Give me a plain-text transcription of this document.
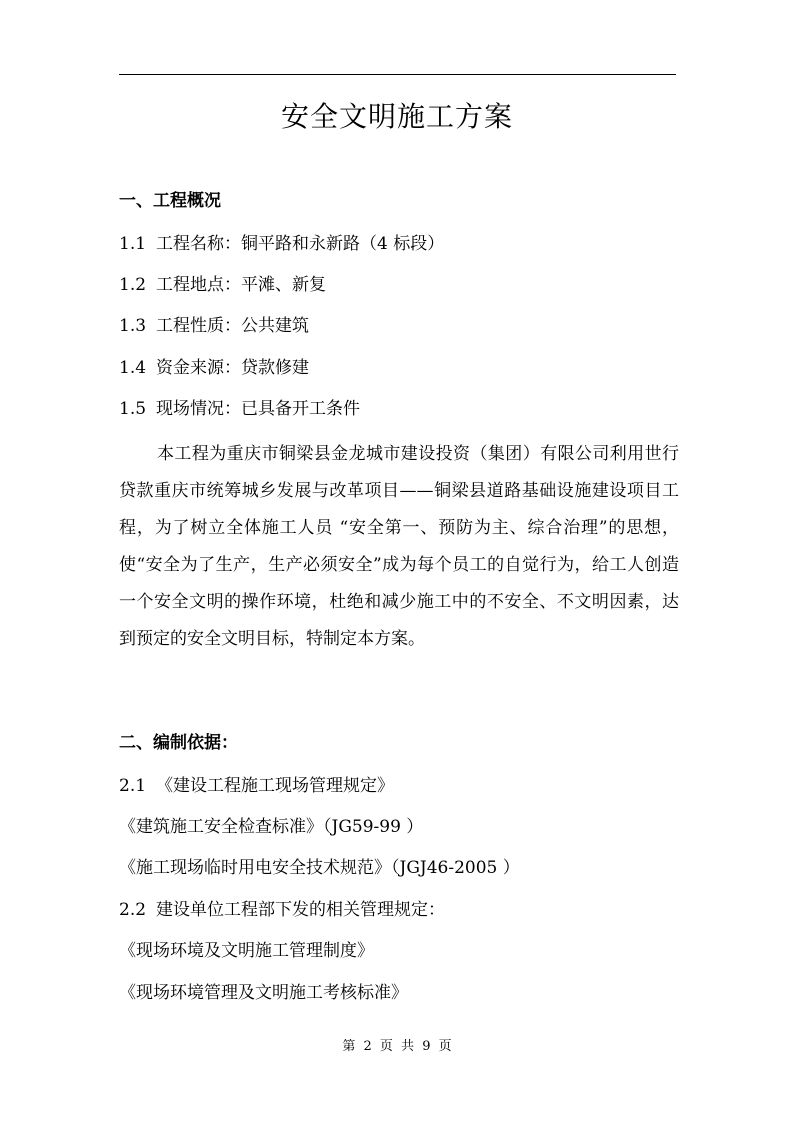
安全文明施工方案
一、工程概况
1.1 工程名称：铜平路和永新路（4 标段）
1.2 工程地点：平滩、新复
1.3 工程性质：公共建筑
1.4 资金来源：贷款修建
1.5 现场情况：已具备开工条件
本工程为重庆市铜梁县金龙城市建设投资（集团）有限公司利用世行贷款重庆市统筹城乡发展与改革项目——铜梁县道路基础设施建设项目工程，为了树立全体施工人员 “安全第一、预防为主、综合治理”的思想，使“安全为了生产，生产必须安全”成为每个员工的自觉行为，给工人创造一个安全文明的操作环境，杜绝和减少施工中的不安全、不文明因素，达到预定的安全文明目标，特制定本方案。
二、编制依据：
2.1 《建设工程施工现场管理规定》
《建筑施工安全检查标准》（JG59-99 ）
《施工现场临时用电安全技术规范》（JGJ46-2005 ）
2.2 建设单位工程部下发的相关管理规定：
《现场环境及文明施工管理制度》
《现场环境管理及文明施工考核标准》
第 2 页 共 9 页
